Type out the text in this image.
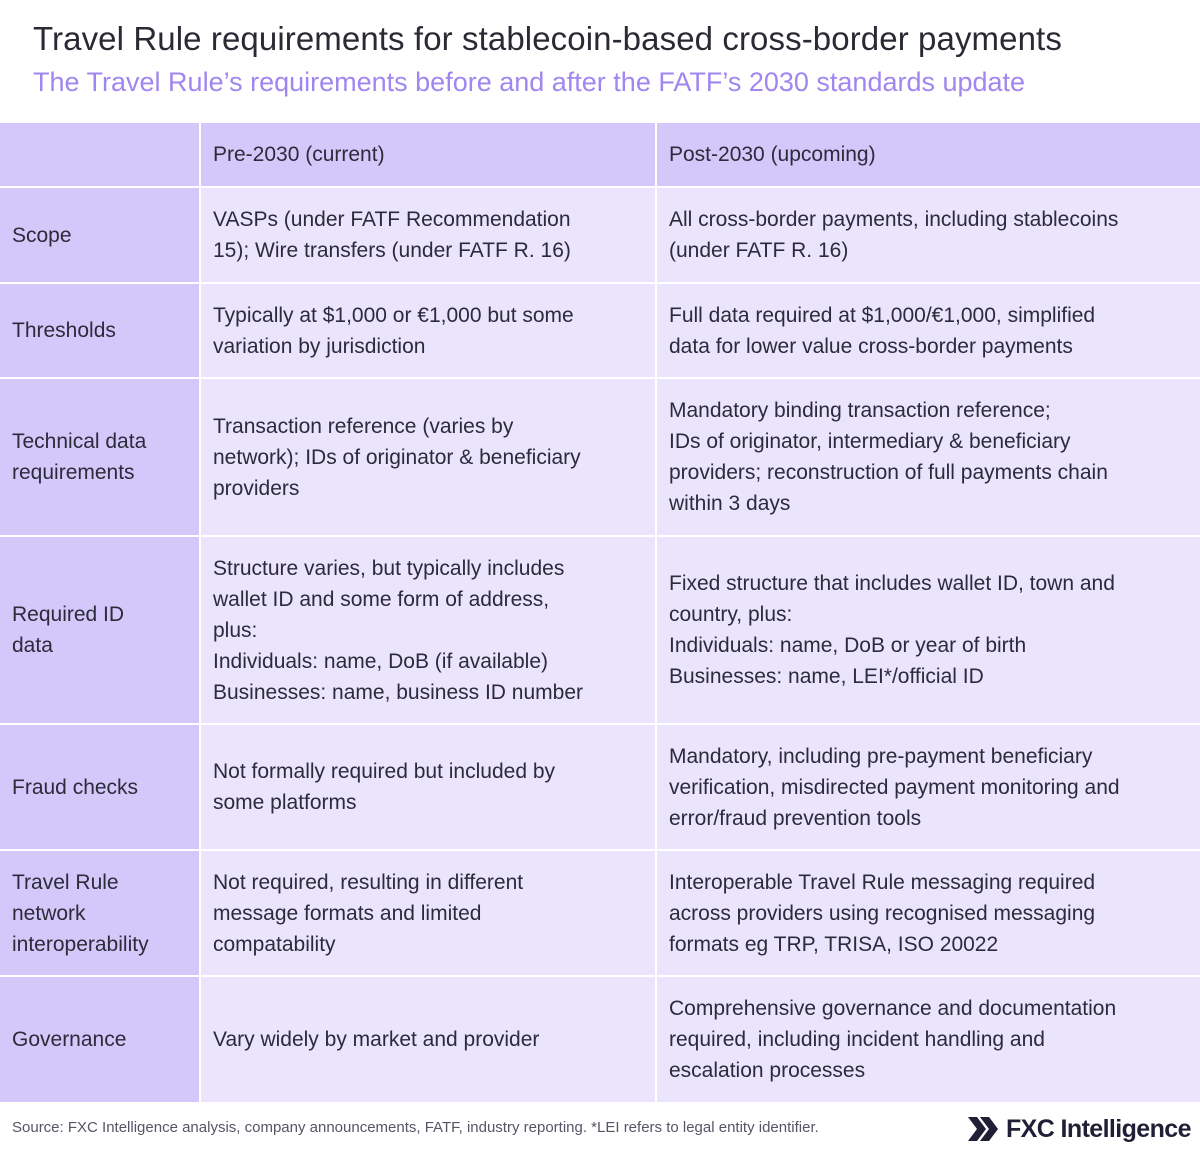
Travel Rule requirements for stablecoin-based cross-border payments
The Travel Rule’s requirements before and after the FATF’s 2030 standards update
	Pre-2030 (current)	Post-2030 (upcoming)

Scope	VASPs (under FATF Recommendation
15); Wire transfers (under FATF R. 16)	All cross-border payments, including stablecoins
(under FATF R. 16)

Thresholds	Typically at $1,000 or €1,000 but some
variation by jurisdiction	Full data required at $1,000/€1,000, simplified
data for lower value cross-border payments

Technical data
requirements	Transaction reference (varies by
network); IDs of originator & beneficiary
providers	Mandatory binding transaction reference;
IDs of originator, intermediary & beneficiary
providers; reconstruction of full payments chain
within 3 days

Required ID
data	Structure varies, but typically includes
wallet ID and some form of address,
plus:
Individuals: name, DoB (if available)
Businesses: name, business ID number	Fixed structure that includes wallet ID, town and
country, plus:
Individuals: name, DoB or year of birth
Businesses: name, LEI*/official ID

Fraud checks	Not formally required but included by
some platforms	Mandatory, including pre-payment beneficiary
verification, misdirected payment monitoring and
error/fraud prevention tools

Travel Rule
network
interoperability	Not required, resulting in different
message formats and limited
compatability	Interoperable Travel Rule messaging required
across providers using recognised messaging
formats eg TRP, TRISA, ISO 20022

Governance	Vary widely by market and provider	Comprehensive governance and documentation
required, including incident handling and
escalation processes
Source: FXC Intelligence analysis, company announcements, FATF, industry reporting. *LEI refers to legal entity identifier.	FXC Intelligence
